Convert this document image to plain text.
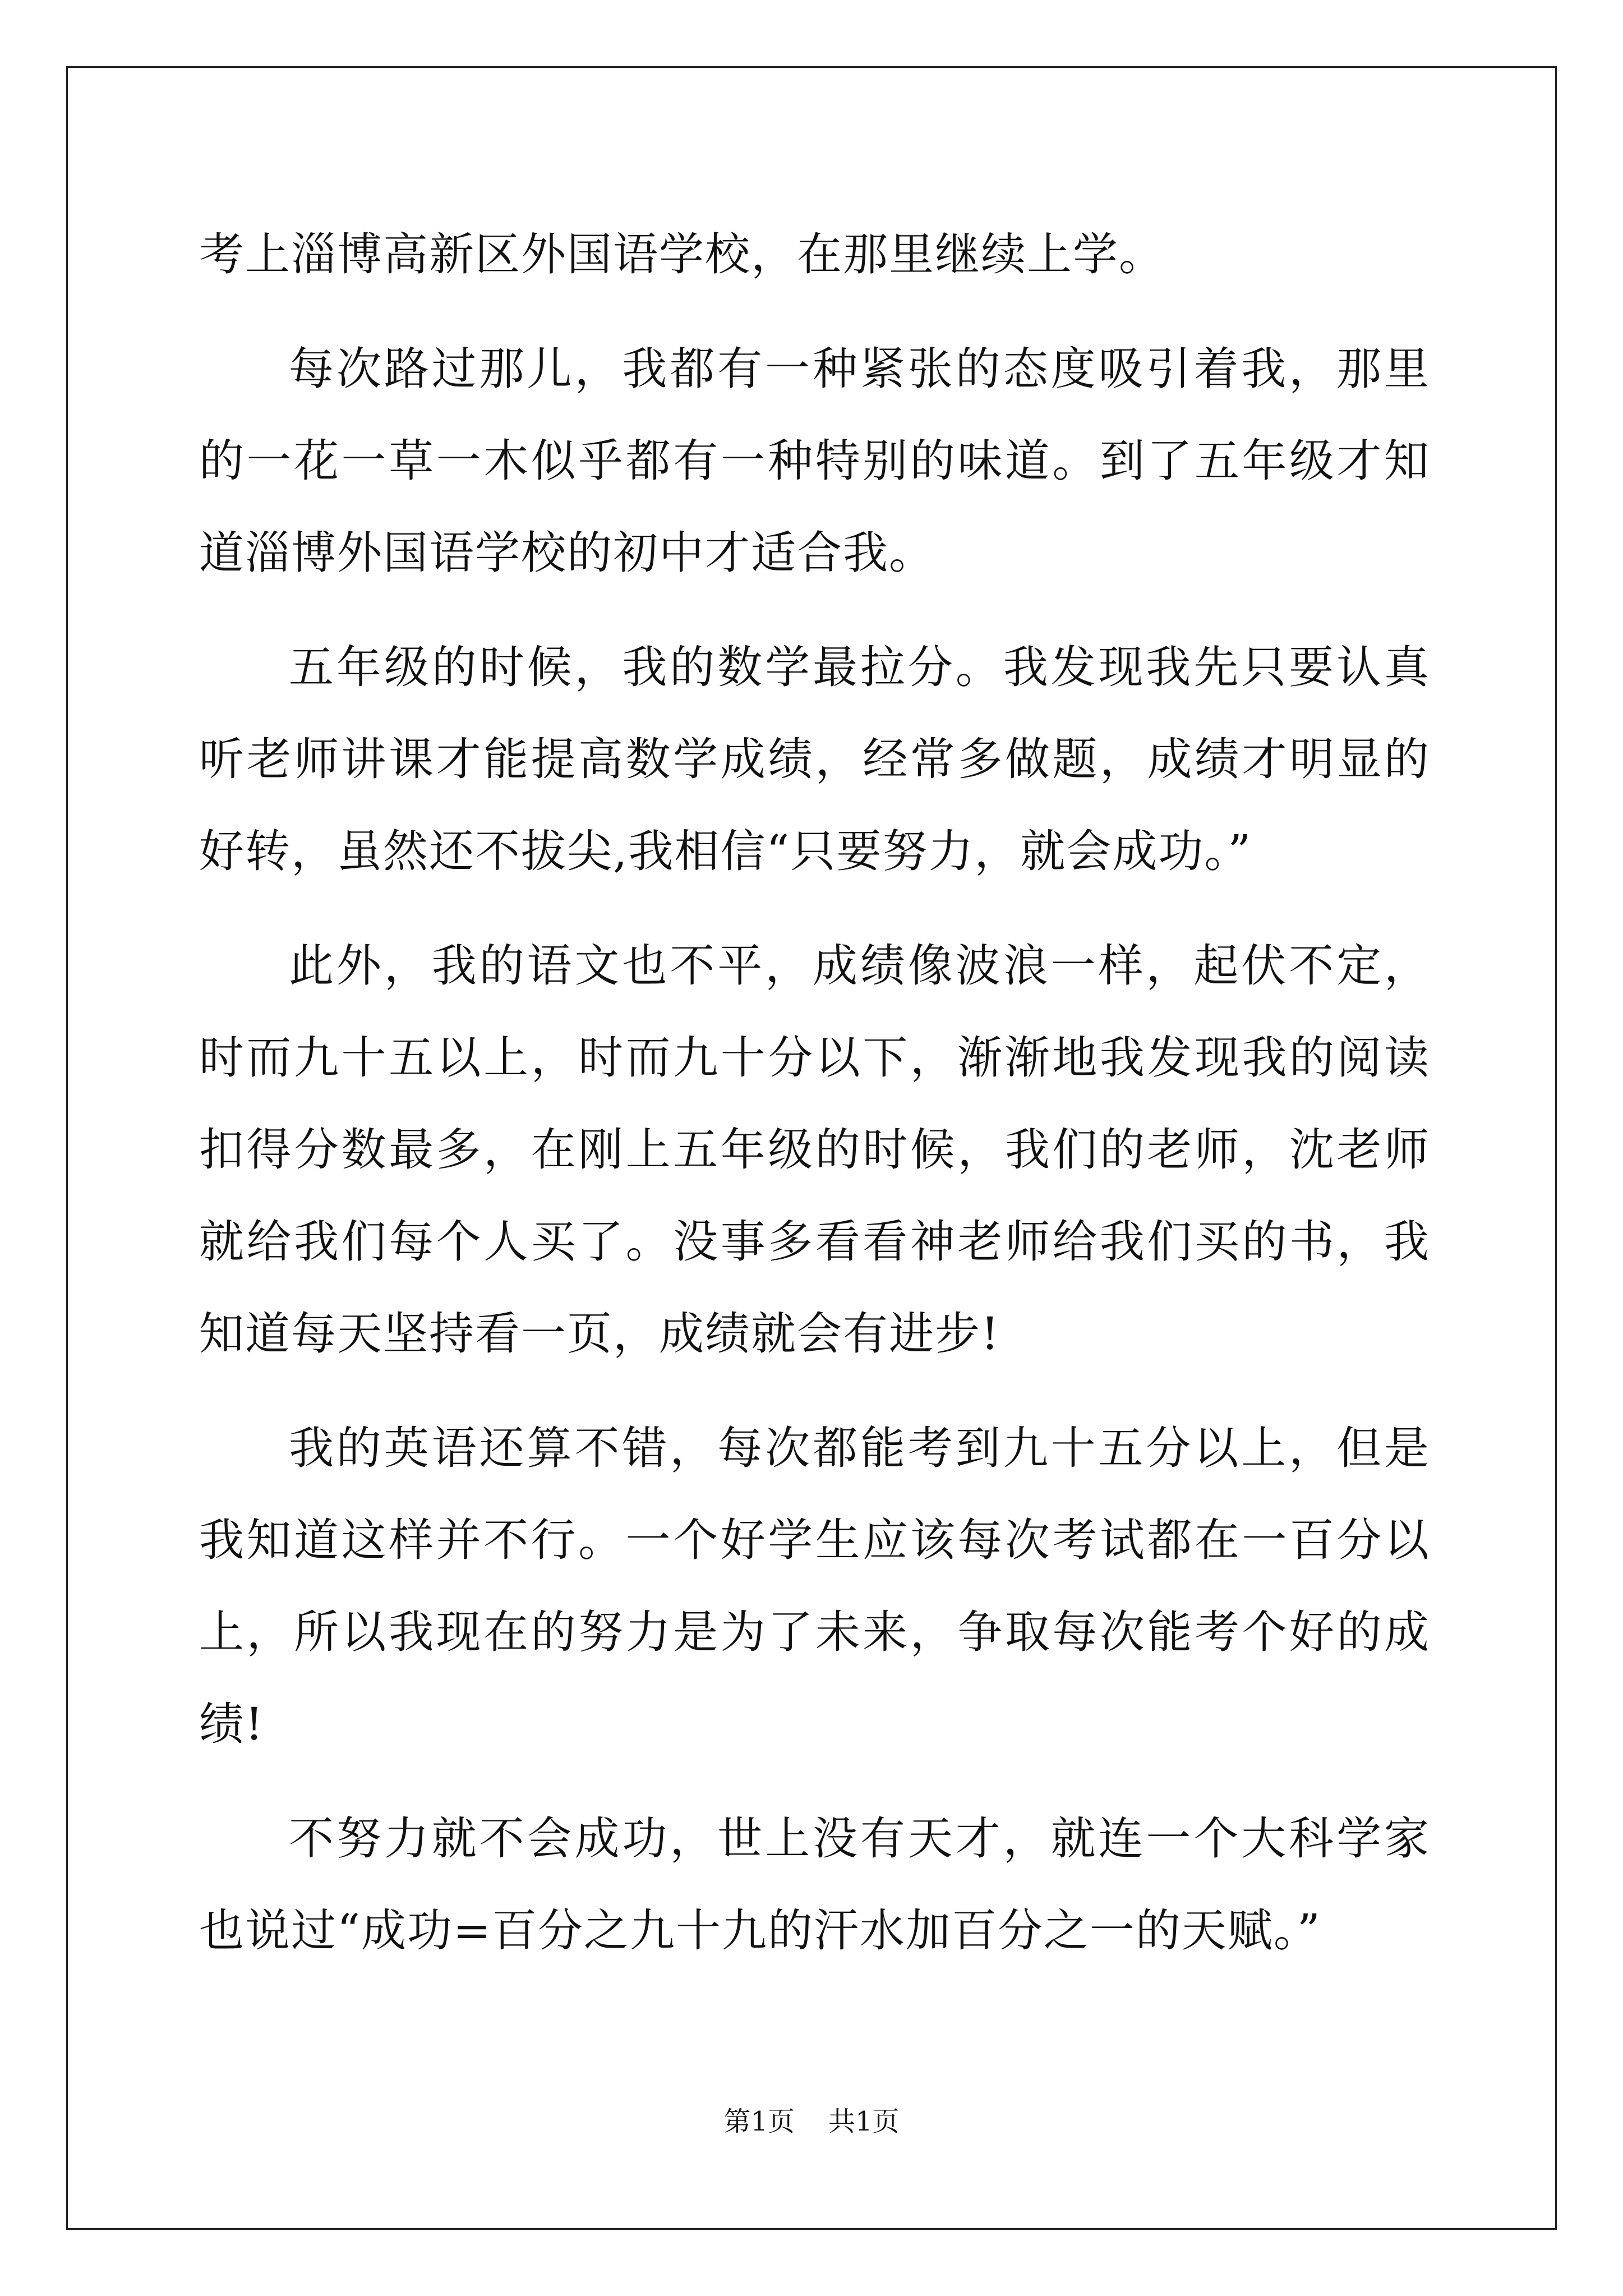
考上淄博高新区外国语学校，在那里继续上学。

每次路过那儿，我都有一种紧张的态度吸引着我，那里的一花一草一木似乎都有一种特别的味道。到了五年级才知道淄博外国语学校的初中才适合我。

五年级的时候，我的数学最拉分。我发现我先只要认真听老师讲课才能提高数学成绩，经常多做题，成绩才明显的好转，虽然还不拔尖,我相信“只要努力，就会成功。”

此外，我的语文也不平，成绩像波浪一样，起伏不定，时而九十五以上，时而九十分以下，渐渐地我发现我的阅读扣得分数最多，在刚上五年级的时候，我们的老师，沈老师就给我们每个人买了。没事多看看神老师给我们买的书，我知道每天坚持看一页，成绩就会有进步!

我的英语还算不错，每次都能考到九十五分以上，但是我知道这样并不行。一个好学生应该每次考试都在一百分以上，所以我现在的努力是为了未来，争取每次能考个好的成绩!

不努力就不会成功，世上没有天才，就连一个大科学家也说过“成功=百分之九十九的汗水加百分之一的天赋。”

第1页 共1页
